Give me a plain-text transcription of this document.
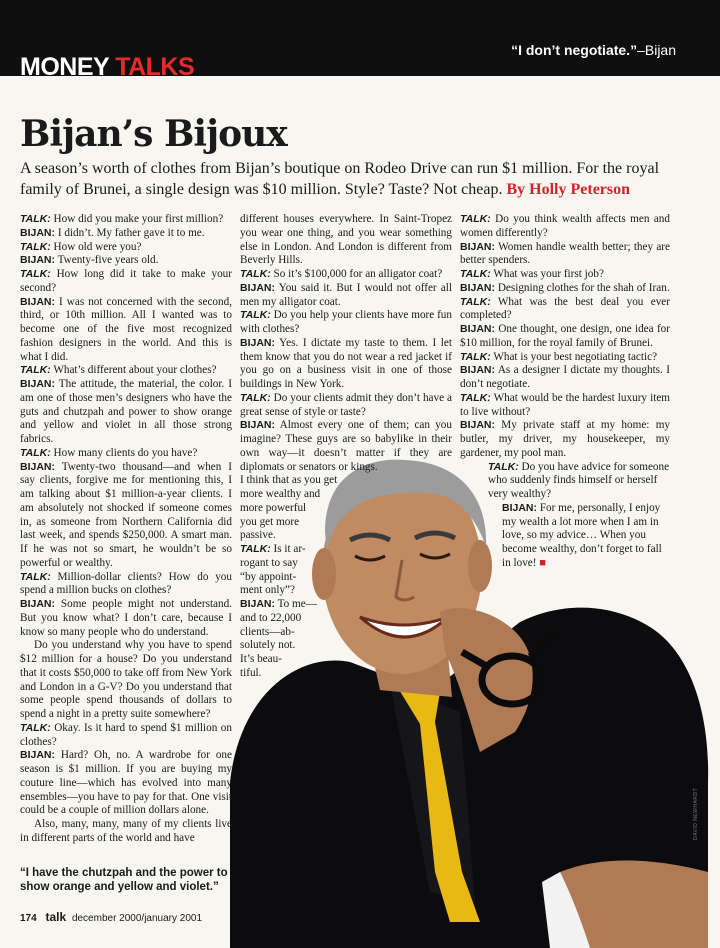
MONEY TALKS
“I don’t negotiate.”–Bijan
Bijan’s Bijoux

A season’s worth of clothes from Bijan’s boutique on Rodeo Drive can run $1 million. For the royal family of Brunei, a single design was $10 million. Style? Taste? Not cheap. By Holly Peterson

DAVID NEWHARDT

TALK: How did you make your first million?

BIJAN: I didn’t. My father gave it to me.

TALK: How old were you?

BIJAN: Twenty-five years old.

TALK: How long did it take to make your second?

BIJAN: I was not concerned with the second, third, or 10th million. All I wanted was to become one of the five most recognized fashion designers in the world. And this is what I did.

TALK: What’s different about your clothes?

BIJAN: The attitude, the material, the color. I am one of those men’s designers who have the guts and chutzpah and power to show orange and yellow and violet in all those strong fabrics.

TALK: How many clients do you have?

BIJAN: Twenty-two thousand—and when I say clients, forgive me for mentioning this, I am talking about $1 million-a-year clients. I am absolutely not shocked if someone comes in, as someone from Northern California did last week, and spends $250,000. A smart man. If he was not so smart, he wouldn’t be so powerful or wealthy.

TALK: Million-dollar clients? How do you spend a million bucks on clothes?

BIJAN: Some people might not understand. But you know what? I don’t care, because I know so many people who do understand.

Do you understand why you have to spend $12 million for a house? Do you understand that it costs $50,000 to take off from New York and London in a G-V? Do you understand that some people spend thousands of dollars to spend a night in a pretty suite somewhere?

TALK: Okay. Is it hard to spend $1 million on clothes?

BIJAN: Hard? Oh, no. A wardrobe for one season is $1 million. If you are buying my couture line—which has evolved into many ensembles—you have to pay for that. One visit could be a couple of million dollars alone.

Also, many, many, many of my clients live in different parts of the world and have

different houses everywhere. In Saint-Tropez you wear one thing, and you wear something else in London. And London is different from Beverly Hills.

TALK: So it’s $100,000 for an alligator coat?

BIJAN: You said it. But I would not offer all men my alligator coat.

TALK: Do you help your clients have more fun with clothes?

BIJAN: Yes. I dictate my taste to them. I let them know that you do not wear a red jacket if you go on a business visit in one of those buildings in New York.

TALK: Do your clients admit they don’t have a great sense of style or taste?

BIJAN: Almost every one of them; can you imagine? These guys are so babylike in their own way—it doesn’t matter if they are diplomats or senators or kings.

I think that as you get
more wealthy and
more powerful
you get more
passive.
TALK: Is it ar-
rogant to say
“by appoint-
ment only”?
BIJAN: To me—
and to 22,000
clients—ab-
solutely not.
It’s beau-
tiful.

TALK: Do you think wealth affects men and women differently?

BIJAN: Women handle wealth better; they are better spenders.

TALK: What was your first job?

BIJAN: Designing clothes for the shah of Iran.

TALK: What was the best deal you ever completed?

BIJAN: One thought, one design, one idea for $10 million, for the royal family of Brunei.

TALK: What is your best negotiating tactic?

BIJAN: As a designer I dictate my thoughts. I don’t negotiate.

TALK: What would be the hardest luxury item to live without?

BIJAN: My private staff at my home: my butler, my driver, my housekeeper, my gardener, my pool man.

TALK: Do you have advice for someone who suddenly finds himself or herself very wealthy?

BIJAN: For me, personally, I enjoy my wealth a lot more when I am in love, so my advice… When you become wealthy, don’t forget to fall in love! ■

“I have the chutzpah and the power to show orange and yellow and violet.”

174 talk december 2000/january 2001
